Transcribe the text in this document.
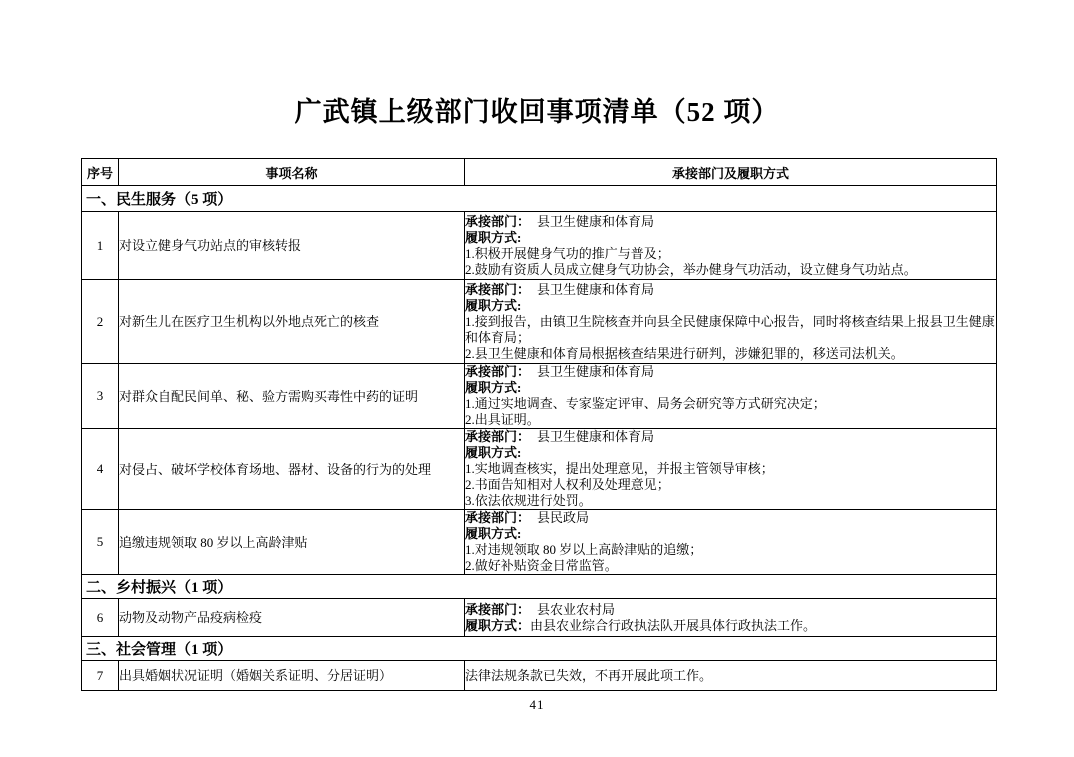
广武镇上级部门收回事项清单（52 项）
序号	事项名称	承接部门及履职方式
一、民生服务（5 项）		
1	对设立健身气功站点的审核转报	承接部门： 县卫生健康和体育局
履职方式:
1.积极开展健身气功的推广与普及；
2.鼓励有资质人员成立健身气功协会，举办健身气功活动，设立健身气功站点。

2	对新生儿在医疗卫生机构以外地点死亡的核查	承接部门： 县卫生健康和体育局
履职方式:
1.接到报告，由镇卫生院核查并向县全民健康保障中心报告，同时将核查结果上报县卫生健康和体育局；
2.县卫生健康和体育局根据核查结果进行研判，涉嫌犯罪的，移送司法机关。

3	对群众自配民间单、秘、验方需购买毒性中药的证明	承接部门： 县卫生健康和体育局
履职方式:
1.通过实地调查、专家鉴定评审、局务会研究等方式研究决定；
2.出具证明。

4	对侵占、破坏学校体育场地、器材、设备的行为的处理	承接部门： 县卫生健康和体育局
履职方式:
1.实地调查核实，提出处理意见，并报主管领导审核；
2.书面告知相对人权利及处理意见；
3.依法依规进行处罚。

5	追缴违规领取 80 岁以上高龄津贴	承接部门： 县民政局
履职方式:
1.对违规领取 80 岁以上高龄津贴的追缴；
2.做好补贴资金日常监管。

二、乡村振兴（1 项）		
6	动物及动物产品疫病检疫	承接部门： 县农业农村局
履职方式：由县农业综合行政执法队开展具体行政执法工作。

三、社会管理（1 项）		
7	出具婚姻状况证明（婚姻关系证明、分居证明）	法律法规条款已失效，不再开展此项工作。
41
